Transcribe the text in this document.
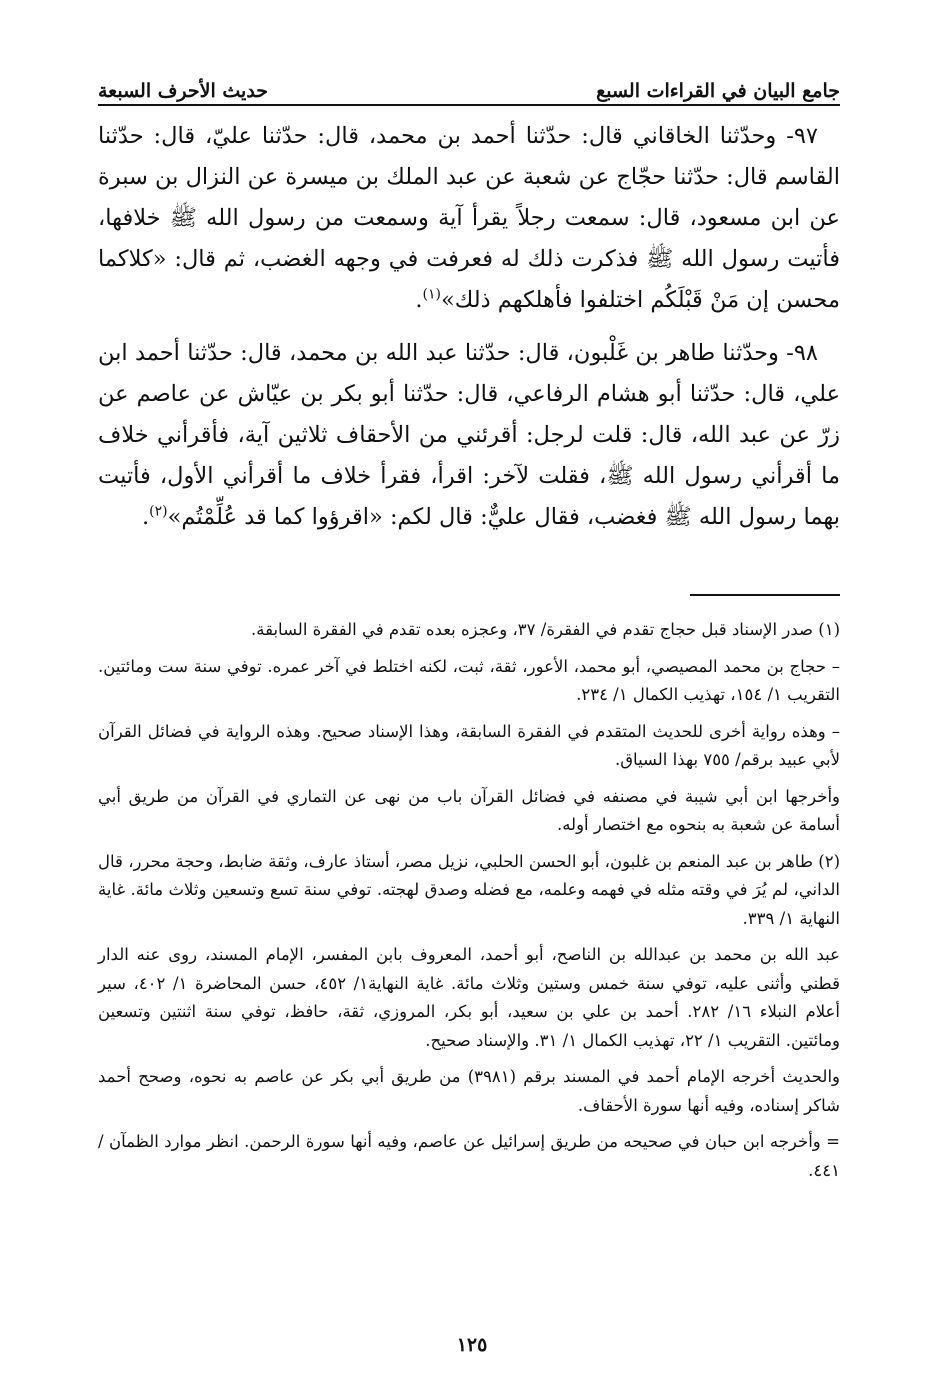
جامع البيان في القراءات السبع
حديث الأحرف السبعة

٩٧- وحدّثنا الخاقاني قال: حدّثنا أحمد بن محمد، قال: حدّثنا عليّ، قال: حدّثنا القاسم قال: حدّثنا حجّاج عن شعبة عن عبد الملك بن ميسرة عن النزال بن سبرة عن ابن مسعود، قال: سمعت رجلاً يقرأ آية وسمعت من رسول الله ﷺ خلافها، فأتيت رسول الله ﷺ فذكرت ذلك له فعرفت في وجهه الغضب، ثم قال: «كلاكما محسن إن مَنْ قَبْلَكُم اختلفوا فأهلكهم ذلك»$^{(١)}$.

٩٨- وحدّثنا طاهر بن غَلْبون، قال: حدّثنا عبد الله بن محمد، قال: حدّثنا أحمد ابن علي، قال: حدّثنا أبو هشام الرفاعي، قال: حدّثنا أبو بكر بن عيّاش عن عاصم عن زرّ عن عبد الله، قال: قلت لرجل: أقرئني من الأحقاف ثلاثين آية، فأقرأني خلاف ما أقرأني رسول الله ﷺ، فقلت لآخر: اقرأ، فقرأ خلاف ما أقرأني الأول، فأتيت بهما رسول الله ﷺ فغضب، فقال عليٌّ: قال لكم: «اقرؤوا كما قد عُلِّمْتُم»$^{(٢)}$.

(١) صدر الإسناد قبل حجاج تقدم في الفقرة/ ٣٧، وعجزه بعده تقدم في الفقرة السابقة.

– حجاج بن محمد المصيصي، أبو محمد، الأعور، ثقة، ثبت، لكنه اختلط في آخر عمره. توفي سنة ست ومائتين. التقريب ١/ ١٥٤، تهذيب الكمال ١/ ٢٣٤.

– وهذه رواية أخرى للحديث المتقدم في الفقرة السابقة، وهذا الإسناد صحيح. وهذه الرواية في فضائل القرآن لأبي عبيد برقم/ ٧٥٥ بهذا السياق.

وأخرجها ابن أبي شيبة في مصنفه في فضائل القرآن باب من نهى عن التماري في القرآن من طريق أبي أسامة عن شعبة به بنحوه مع اختصار أوله.

(٢) طاهر بن عبد المنعم بن غلبون، أبو الحسن الحلبي، نزيل مصر، أستاذ عارف، وثقة ضابط، وحجة محرر، قال الداني، لم يُرَ في وقته مثله في فهمه وعلمه، مع فضله وصدق لهجته. توفي سنة تسع وتسعين وثلاث مائة. غاية النهاية ١/ ٣٣٩.

عبد الله بن محمد بن عبدالله بن الناصح، أبو أحمد، المعروف بابن المفسر، الإمام المسند، روى عنه الدار قطني وأثنى عليه، توفي سنة خمس وستين وثلاث مائة. غاية النهاية١/ ٤٥٢، حسن المحاضرة ١/ ٤٠٢، سير أعلام النبلاء ١٦/ ٢٨٢. أحمد بن علي بن سعيد، أبو بكر، المروزي، ثقة، حافظ، توفي سنة اثنتين وتسعين ومائتين. التقريب ١/ ٢٢، تهذيب الكمال ١/ ٣١. والإسناد صحيح.

والحديث أخرجه الإمام أحمد في المسند برقم (٣٩٨١) من طريق أبي بكر عن عاصم به نحوه، وصحح أحمد شاكر إسناده، وفيه أنها سورة الأحقاف.

= وأخرجه ابن حبان في صحيحه من طريق إسرائيل عن عاصم، وفيه أنها سورة الرحمن. انظر موارد الظمآن / ٤٤١.

١٢٥
